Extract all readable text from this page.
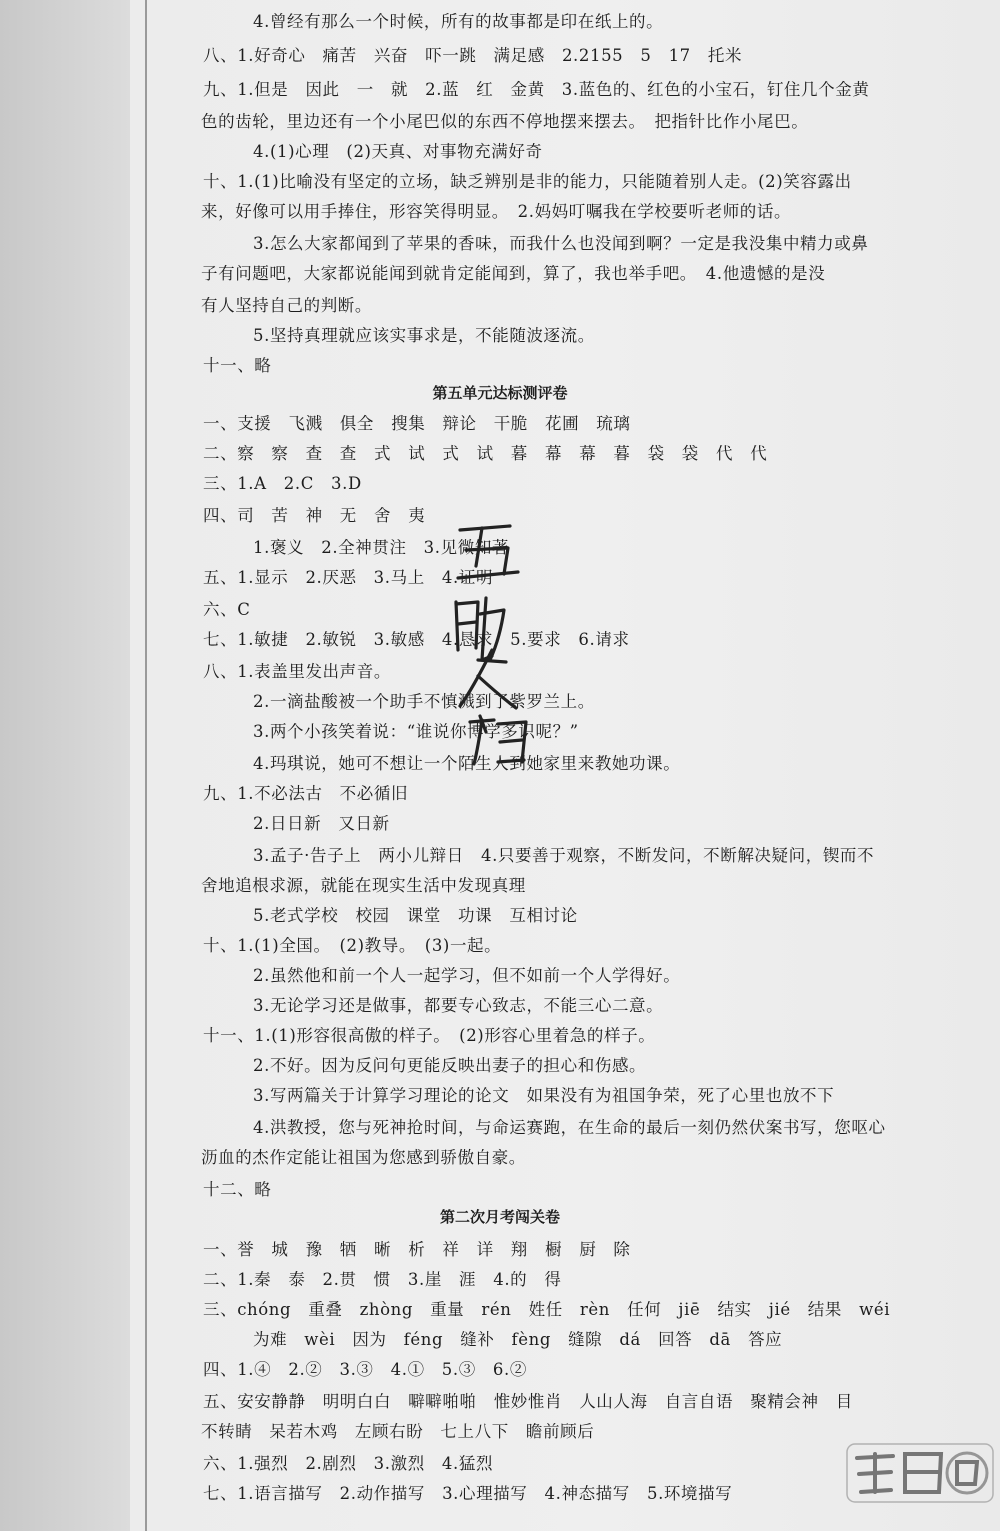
4.曾经有那么一个时候，所有的故事都是印在纸上的。
八、1.好奇心　痛苦　兴奋　吓一跳　满足感　2.2155　5　17　托米
九、1.但是　因此　一　就　2.蓝　红　金黄　3.蓝色的、红色的小宝石，钉住几个金黄
色的齿轮，里边还有一个小尾巴似的东西不停地摆来摆去。　把指针比作小尾巴。
4.(1)心理　(2)天真、对事物充满好奇
十、1.(1)比喻没有坚定的立场，缺乏辨别是非的能力，只能随着别人走。(2)笑容露出
来，好像可以用手捧住，形容笑得明显。　2.妈妈叮嘱我在学校要听老师的话。
3.怎么大家都闻到了苹果的香味，而我什么也没闻到啊？一定是我没集中精力或鼻
子有问题吧，大家都说能闻到就肯定能闻到，算了，我也举手吧。　4.他遗憾的是没
有人坚持自己的判断。
5.坚持真理就应该实事求是，不能随波逐流。
十一、略
第五单元达标测评卷
一、支援　飞溅　俱全　搜集　辩论　干脆　花圃　琉璃
二、察　察　查　查　式　试　式　试　暮　幕　幕　暮　袋　袋　代　代
三、1.A　2.C　3.D
四、司　苦　神　无　舍　夷
1.褒义　2.全神贯注　3.见微知著
五、1.显示　2.厌恶　3.马上　4.证明
六、C
七、1.敏捷　2.敏锐　3.敏感　4.恳求　5.要求　6.请求
八、1.表盖里发出声音。
2.一滴盐酸被一个助手不慎溅到了紫罗兰上。
3.两个小孩笑着说：“谁说你博学多识呢？”
4.玛琪说，她可不想让一个陌生人到她家里来教她功课。
九、1.不必法古　不必循旧
2.日日新　又日新
3.孟子·告子上　两小儿辩日　4.只要善于观察，不断发问，不断解决疑问，锲而不
舍地追根求源，就能在现实生活中发现真理
5.老式学校　校园　课堂　功课　互相讨论
十、1.(1)全国。　(2)教导。　(3)一起。
2.虽然他和前一个人一起学习，但不如前一个人学得好。
3.无论学习还是做事，都要专心致志，不能三心二意。
十一、1.(1)形容很高傲的样子。　(2)形容心里着急的样子。
2.不好。因为反问句更能反映出妻子的担心和伤感。
3.写两篇关于计算学习理论的论文　如果没有为祖国争荣，死了心里也放不下
4.洪教授，您与死神抢时间，与命运赛跑，在生命的最后一刻仍然伏案书写，您呕心
沥血的杰作定能让祖国为您感到骄傲自豪。
十二、略
第二次月考闯关卷
一、誉　城　豫　牺　晰　析　祥　详　翔　橱　厨　除
二、1.秦　泰　2.贯　惯　3.崖　涯　4.的　得
三、chóng　重叠　zhòng　重量　rén　姓任　rèn　任何　jiē　结实　jié　结果　wéi
为难　wèi　因为　féng　缝补　fèng　缝隙　dá　回答　dā　答应
四、1.④　2.②　3.③　4.①　5.③　6.②
五、安安静静　明明白白　噼噼啪啪　惟妙惟肖　人山人海　自言自语　聚精会神　目
不转睛　呆若木鸡　左顾右盼　七上八下　瞻前顾后
六、1.强烈　2.剧烈　3.激烈　4.猛烈
七、1.语言描写　2.动作描写　3.心理描写　4.神态描写　5.环境描写
